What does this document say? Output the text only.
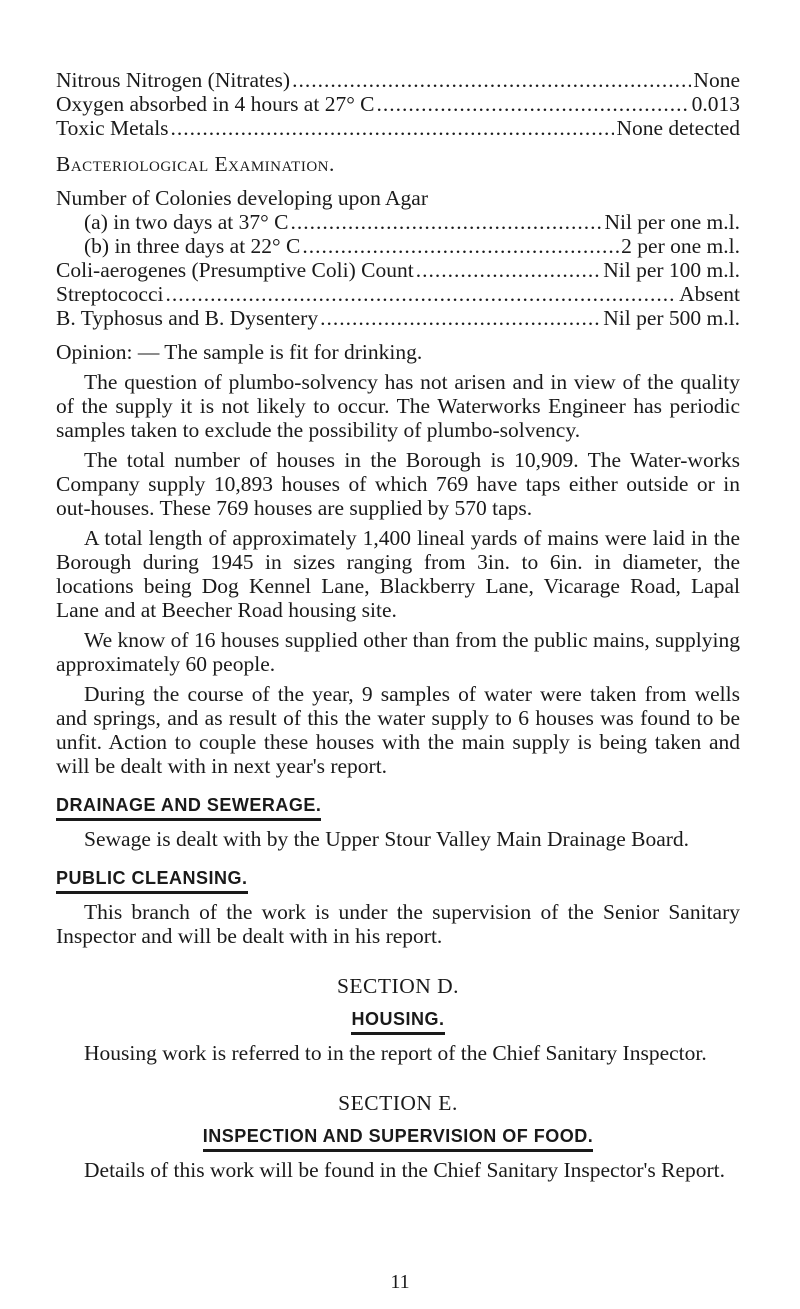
Nitrous Nitrogen (Nitrates) .....	None
Oxygen absorbed in 4 hours at 27° C .....	0.013
Toxic Metals .....	None detected
Bacteriological Examination.
Number of Colonies developing upon Agar
(a) in two days at 37° C .....	Nil per one m.l.
(b) in three days at 22° C .....	2 per one m.l.
Coli-aerogenes (Presumptive Coli) Count .....	Nil per 100 m.l.
Streptococci .....	Absent
B. Typhosus and B. Dysentery .....	Nil per 500 m.l.
Opinion: — The sample is fit for drinking.

The question of plumbo-solvency has not arisen and in view of the quality of the supply it is not likely to occur. The Waterworks Engineer has periodic samples taken to exclude the possibility of plumbo-solvency.

The total number of houses in the Borough is 10,909. The Water-works Company supply 10,893 houses of which 769 have taps either outside or in out-houses. These 769 houses are supplied by 570 taps.

A total length of approximately 1,400 lineal yards of mains were laid in the Borough during 1945 in sizes ranging from 3in. to 6in. in diameter, the locations being Dog Kennel Lane, Blackberry Lane, Vicarage Road, Lapal Lane and at Beecher Road housing site.

We know of 16 houses supplied other than from the public mains, supplying approximately 60 people.

During the course of the year, 9 samples of water were taken from wells and springs, and as result of this the water supply to 6 houses was found to be unfit. Action to couple these houses with the main supply is being taken and will be dealt with in next year's report.

DRAINAGE AND SEWERAGE.

Sewage is dealt with by the Upper Stour Valley Main Drainage Board.

PUBLIC CLEANSING.

This branch of the work is under the supervision of the Senior Sanitary Inspector and will be dealt with in his report.

SECTION D.
HOUSING.

Housing work is referred to in the report of the Chief Sanitary Inspector.

SECTION E.
INSPECTION AND SUPERVISION OF FOOD.

Details of this work will be found in the Chief Sanitary Inspector's Report.

11
